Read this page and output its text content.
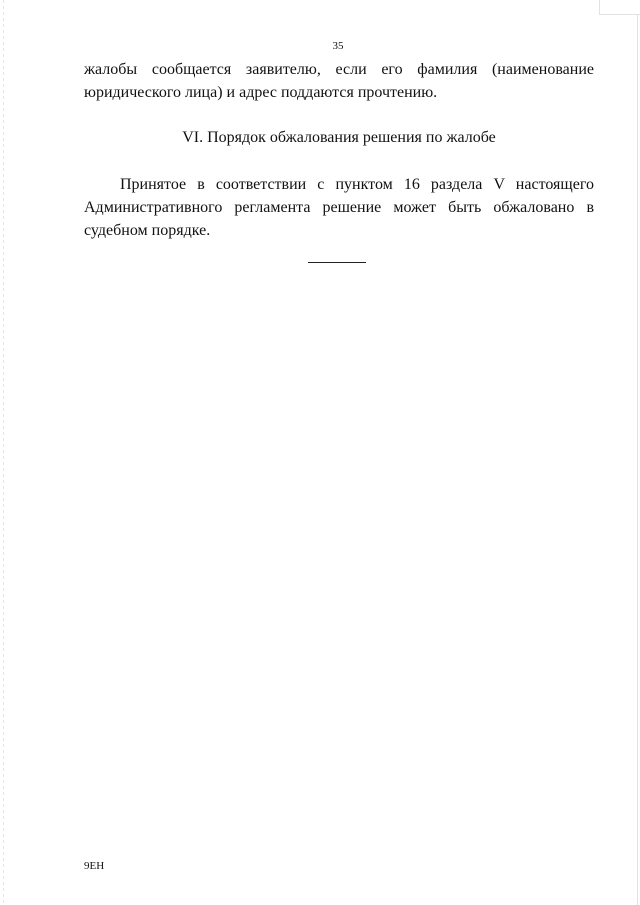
35
жалобы сообщается заявителю, если его фамилия (наименование
юридического лица) и адрес поддаются прочтению.
VI. Порядок обжалования решения по жалобе
Принятое в соответствии с пунктом 16 раздела V настоящего
Административного регламента решение может быть обжаловано в
судебном порядке.
9ЕН
